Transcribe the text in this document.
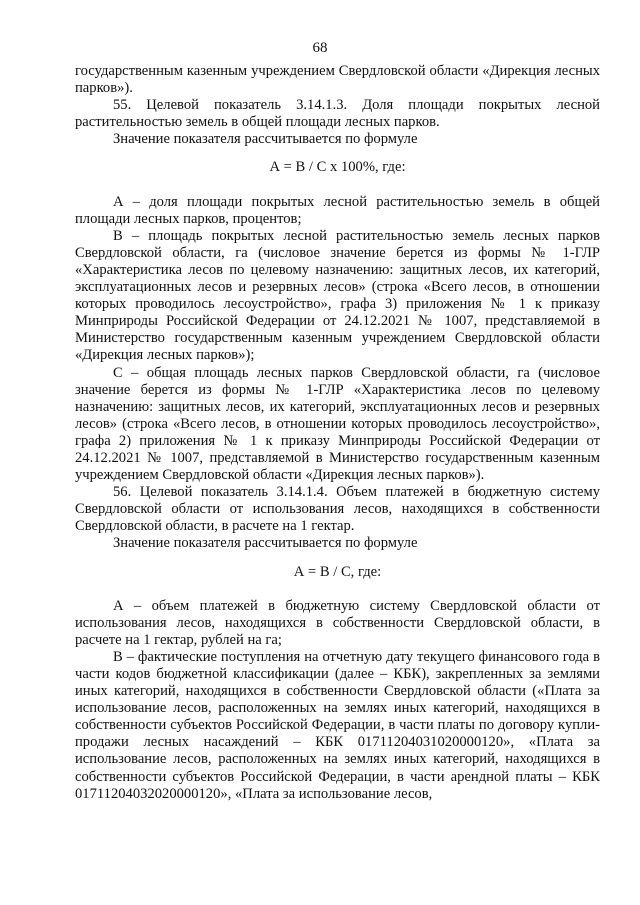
68

государственным казенным учреждением Свердловской области «Дирекция лесных парков»).

55. Целевой показатель 3.14.1.3. Доля площади покрытых лесной растительностью земель в общей площади лесных парков.

Значение показателя рассчитывается по формуле

А = В / С х 100%, где:

А – доля площади покрытых лесной растительностью земель в общей площади лесных парков, процентов;

В – площадь покрытых лесной растительностью земель лесных парков Свердловской области, га (числовое значение берется из формы № 1-ГЛР «Характеристика лесов по целевому назначению: защитных лесов, их категорий, эксплуатационных лесов и резервных лесов» (строка «Всего лесов, в отношении которых проводилось лесоустройство», графа 3) приложения № 1 к приказу Минприроды Российской Федерации от 24.12.2021 № 1007, представляемой в Министерство государственным казенным учреждением Свердловской области «Дирекция лесных парков»);

С – общая площадь лесных парков Свердловской области, га (числовое значение берется из формы № 1-ГЛР «Характеристика лесов по целевому назначению: защитных лесов, их категорий, эксплуатационных лесов и резервных лесов» (строка «Всего лесов, в отношении которых проводилось лесоустройство», графа 2) приложения № 1 к приказу Минприроды Российской Федерации от 24.12.2021 № 1007, представляемой в Министерство государственным казенным учреждением Свердловской области «Дирекция лесных парков»).

56. Целевой показатель 3.14.1.4. Объем платежей в бюджетную систему Свердловской области от использования лесов, находящихся в собственности Свердловской области, в расчете на 1 гектар.

Значение показателя рассчитывается по формуле

А = В / С, где:

А – объем платежей в бюджетную систему Свердловской области от использования лесов, находящихся в собственности Свердловской области, в расчете на 1 гектар, рублей на га;

В – фактические поступления на отчетную дату текущего финансового года в части кодов бюджетной классификации (далее – КБК), закрепленных за землями иных категорий, находящихся в собственности Свердловской области («Плата за использование лесов, расположенных на землях иных категорий, находящихся в собственности субъектов Российской Федерации, в части платы по договору купли-продажи лесных насаждений – КБК 01711204031020000120», «Плата за использование лесов, расположенных на землях иных категорий, находящихся в собственности субъектов Российской Федерации, в части арендной платы – КБК 01711204032020000120», «Плата за использование лесов,
